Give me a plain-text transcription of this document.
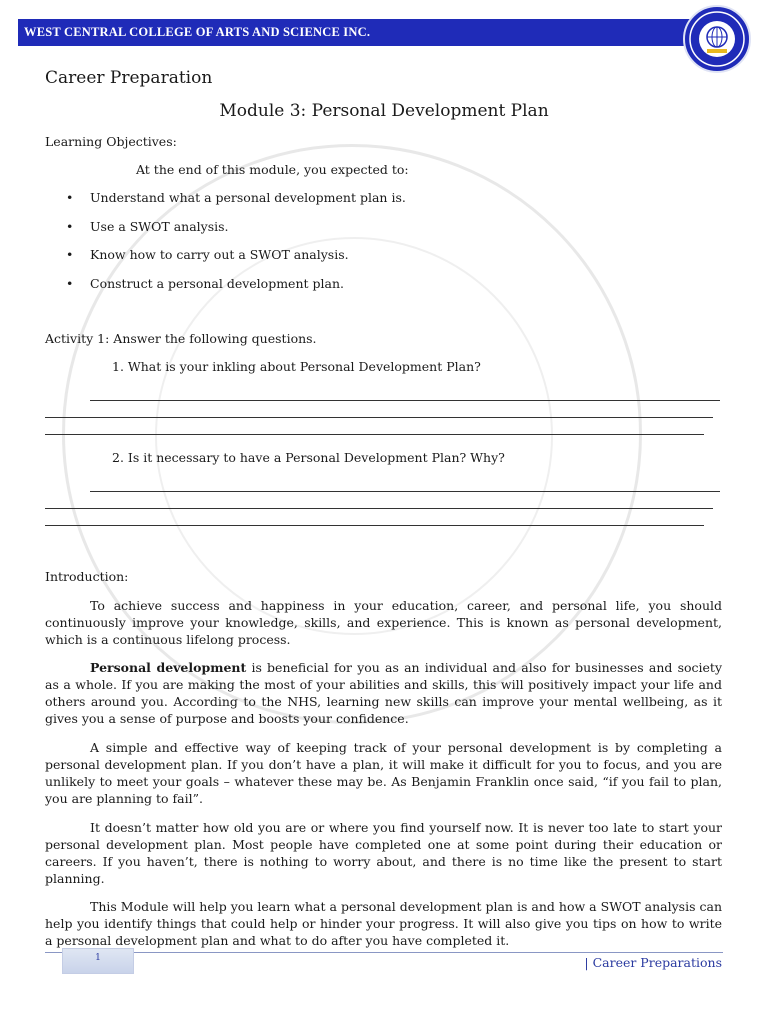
WEST CENTRAL COLLEGE OF ARTS AND SCIENCE INC.
Career Preparation
Module 3: Personal Development Plan
Learning Objectives:
At the end of this module, you expected to:
• Understand what a personal development plan is.
• Use a SWOT analysis.
• Know how to carry out a SWOT analysis.
• Construct a personal development plan.
Activity 1: Answer the following questions.
1. What is your inkling about Personal Development Plan?
2. Is it necessary to have a Personal Development Plan? Why?
Introduction:

To achieve success and happiness in your education, career, and personal life, you should continuously improve your knowledge, skills, and experience. This is known as personal development, which is a continuous lifelong process.

Personal development is beneficial for you as an individual and also for businesses and society as a whole. If you are making the most of your abilities and skills, this will positively impact your life and others around you. According to the NHS, learning new skills can improve your mental wellbeing, as it gives you a sense of purpose and boosts your confidence.

A simple and effective way of keeping track of your personal development is by completing a personal development plan. If you don’t have a plan, it will make it difficult for you to focus, and you are unlikely to meet your goals – whatever these may be. As Benjamin Franklin once said, “if you fail to plan, you are planning to fail”.

It doesn’t matter how old you are or where you find yourself now. It is never too late to start your personal development plan. Most people have completed one at some point during their education or careers. If you haven’t, there is nothing to worry about, and there is no time like the present to start planning.

This Module will help you learn what a personal development plan is and how a SWOT analysis can help you identify things that could help or hinder your progress. It will also give you tips on how to write a personal development plan and what to do after you have completed it.

| Career Preparations
1
